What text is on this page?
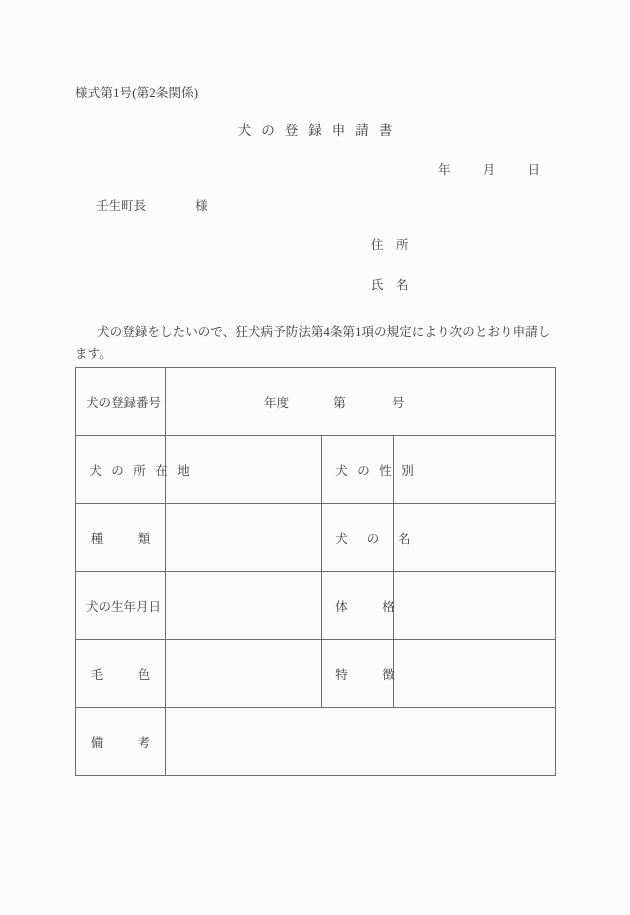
様式第1号(第2条関係)
犬の登録申請書
年	月	日
壬生町長	様
住　所
氏　名
犬の登録をしたいので、狂犬病予防法第4条第1項の規定により次のとおり申請します。
犬の登録番号	年度 第 号		
犬 の 所 在 地		犬 の 性 別	
種　　類		犬　の　名	
犬の生年月日		体　　格	
毛　　色		特　　徴	
備　　考			
